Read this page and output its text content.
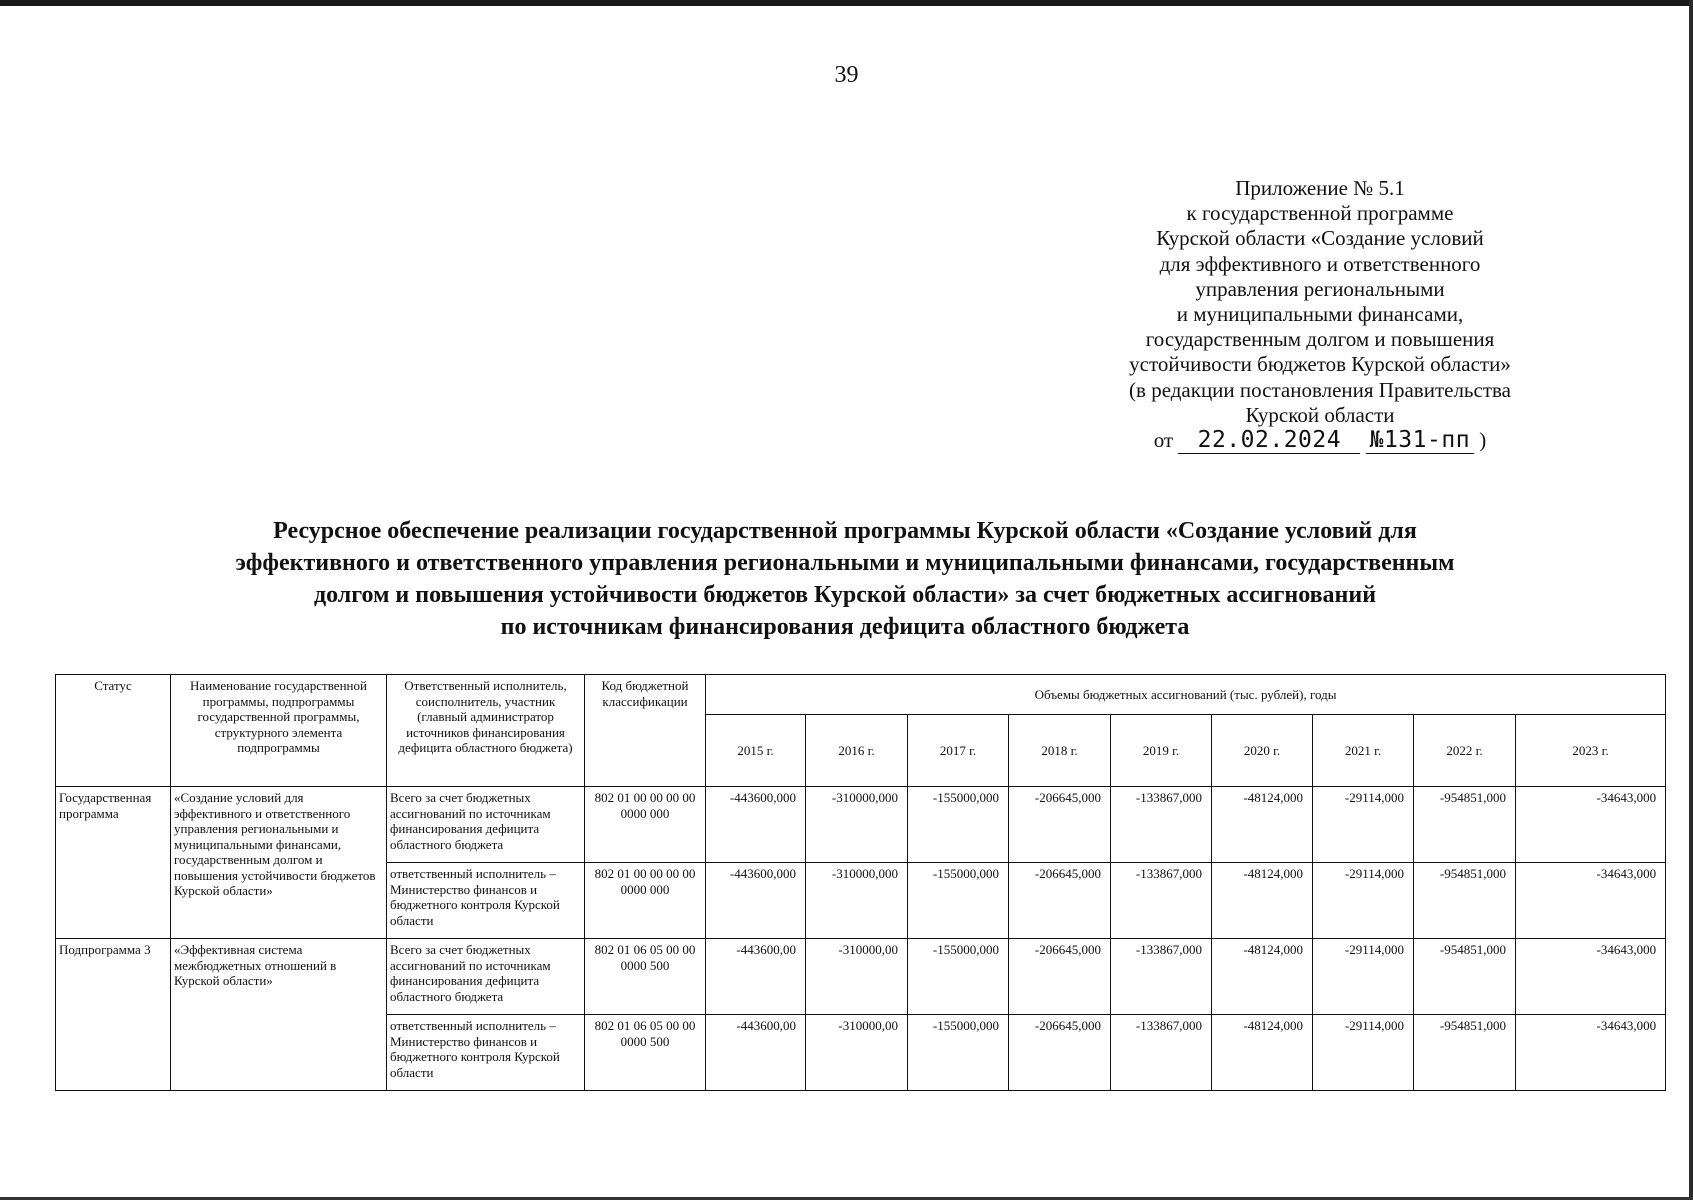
39
Приложение № 5.1
к государственной программе
Курской области «Создание условий
для эффективного и ответственного
управления региональными
и муниципальными финансами,
государственным долгом и повышения
устойчивости бюджетов Курской области»
(в редакции постановления Правительства
Курской области
от 22.02.2024 №131-пп )
Ресурсное обеспечение реализации государственной программы Курской области «Создание условий для
эффективного и ответственного управления региональными и муниципальными финансами, государственным
долгом и повышения устойчивости бюджетов Курской области» за счет бюджетных ассигнований
по источникам финансирования дефицита областного бюджета
Статус	Наименование государственной программы, подпрограммы государственной программы, структурного элемента подпрограммы	Ответственный исполнитель, соисполнитель, участник (главный администратор источников финансирования дефицита областного бюджета)	Код бюджетной классификации	Объемы бюджетных ассигнований (тыс. рублей), годы								
				2015 г.	2016 г.	2017 г.	2018 г.	2019 г.	2020 г.	2021 г.	2022 г.	2023 г.
Государственная программа	«Создание условий для эффективного и ответственного управления региональными и муниципальными финансами, государственным долгом и повышения устойчивости бюджетов Курской области»	Всего за счет бюджетных ассигнований по источникам финансирования дефицита областного бюджета	802 01 00 00 00 00 0000 000	-443600,000	-310000,000	-155000,000	-206645,000	-133867,000	-48124,000	-29114,000	-954851,000	-34643,000
		ответственный исполнитель – Министерство финансов и бюджетного контроля Курской области	802 01 00 00 00 00 0000 000	-443600,000	-310000,000	-155000,000	-206645,000	-133867,000	-48124,000	-29114,000	-954851,000	-34643,000
Подпрограмма 3	«Эффективная система межбюджетных отношений в Курской области»	Всего за счет бюджетных ассигнований по источникам финансирования дефицита областного бюджета	802 01 06 05 00 00 0000 500	-443600,00	-310000,00	-155000,000	-206645,000	-133867,000	-48124,000	-29114,000	-954851,000	-34643,000
		ответственный исполнитель – Министерство финансов и бюджетного контроля Курской области	802 01 06 05 00 00 0000 500	-443600,00	-310000,00	-155000,000	-206645,000	-133867,000	-48124,000	-29114,000	-954851,000	-34643,000
